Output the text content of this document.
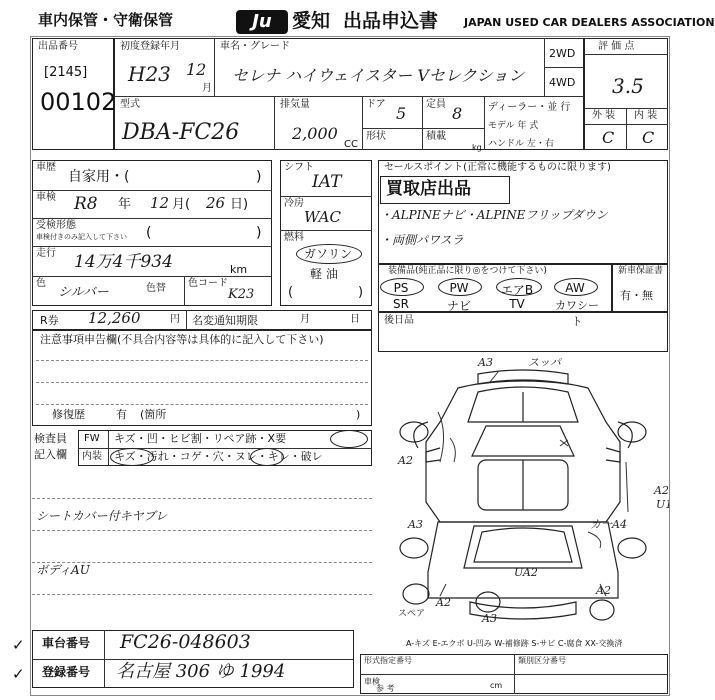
車内保管・守衛保管	Ju	愛知 出品申込書 JAPAN USED CAR DEALERS ASSOCIATION
出品番号
[2145]
00102
初度登録年月
H23 12
月
車名・グレード
セレナ ハイウェイスター Vセレクション
2WD
4WD
型式
DBA-FC26
排気量
2,000
CC
ドア 5 定員 8
形状	積載
kg
ディーラー・並 行
モデル 年 式
ハンドル 左・右
評 価 点
3.5
外 装 内 装
C C
車歴
自家用・(	)
車検 R8 年 12 月( 26 日)
受検形態
車検付きのみ記入して下さい (	)
走行 14万4千934	km
色
シルバー	色替 色コード
K23
シフト
IAT
冷房
WAC
燃料
ガソリン
軽 油
(	)
セールスポイント(正常に機能するものに限ります)
買取店出品
・ALPINEナビ・ALPINEフリップダウン
・両側パワスラ
装備品(純正品に限り◎をつけて下さい)
PS	PW	エアB	AW
SR	ナビ	TV	カワシート
新車保証書
有・無
R券 12,260	円 名変通知期限	月	日
注意事項申告欄(不具合内容等は具体的に記入して下さい)
修復歴	有 (箇所	)
後日品
検査員
記入欄
FW キズ・凹・ヒビ割・リペア跡・X要
内装 キズ・汚れ・コゲ・穴・ヌレ・キレ・破レ
シートカバー付キヤブレ
ボディAU
✓
✓
車台番号 FC26-048603
登録番号 名古屋 306 ゆ 1994
A-キズ E-エクボ U-凹み W-補修跡 S-サビ C-腐食 XX-交換済
形式指定番号	類別区分番号
車検
参 考	cm
A3	スッパ
A2
A2
U1
A3	カ一A4
UA2
A2
A2
A3
スペア
